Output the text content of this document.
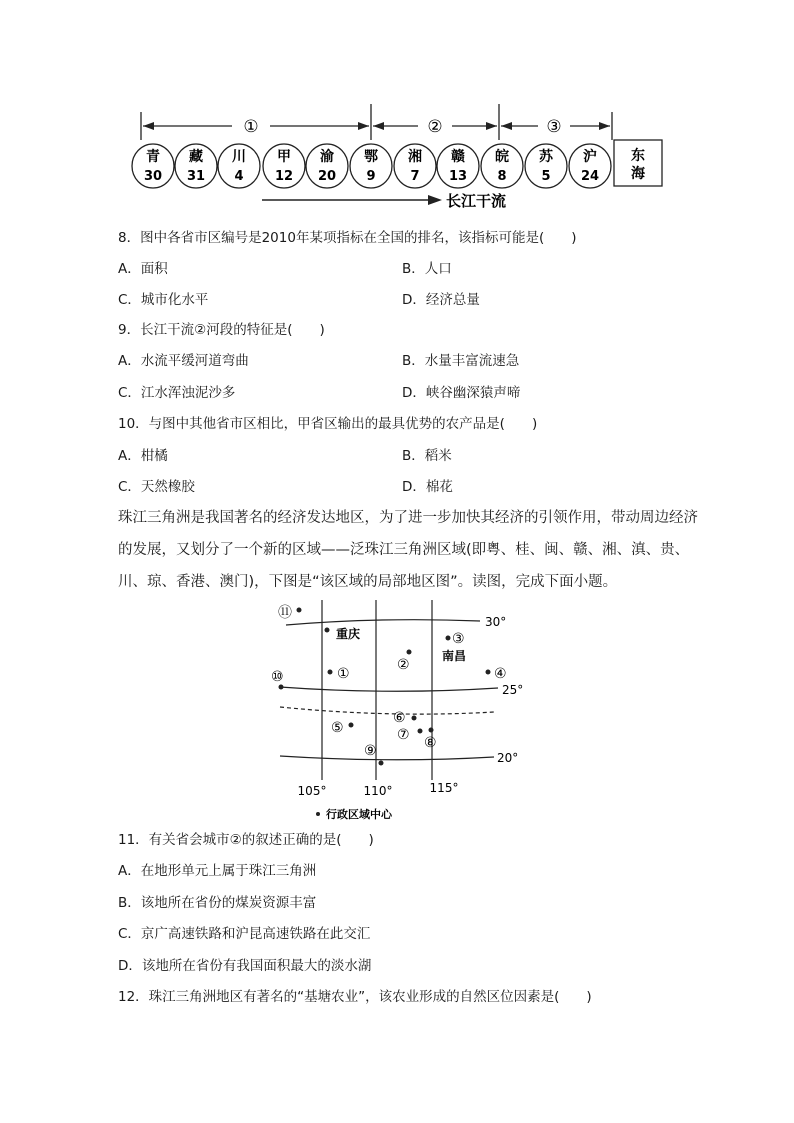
①	②	③
青
30
藏
31
川
4
甲
12
渝
20
鄂
9
湘
7
赣
13
皖
8
苏
5
沪
24
东
海
长江干流
8．图中各省市区编号是2010年某项指标在全国的排名，该指标可能是(　　)
A．面积	B．人口
C．城市化水平	D．经济总量
9．长江干流②河段的特征是(　　)
A．水流平缓河道弯曲	B．水量丰富流速急
C．江水浑浊泥沙多	D．峡谷幽深猿声啼
10．与图中其他省市区相比，甲省区输出的最具优势的农产品是(　　)
A．柑橘	B．稻米
C．天然橡胶	D．棉花
珠江三角洲是我国著名的经济发达地区，为了进一步加快其经济的引领作用，带动周边经济
的发展，又划分了一个新的区域——泛珠江三角洲区域(即粤、桂、闽、赣、湘、滇、贵、
川、琼、香港、澳门)，下图是“该区域的局部地区图”。读图，完成下面小题。
30°
25°
20°
105°	110°	115°
重庆
南昌
⑪
①
②
③
④
⑩
⑤
⑥
⑦ ⑧
⑨
行政区域中心
11．有关省会城市②的叙述正确的是(　　)
A．在地形单元上属于珠江三角洲
B．该地所在省份的煤炭资源丰富
C．京广高速铁路和沪昆高速铁路在此交汇
D．该地所在省份有我国面积最大的淡水湖
12．珠江三角洲地区有著名的“基塘农业”，该农业形成的自然区位因素是(　　)
